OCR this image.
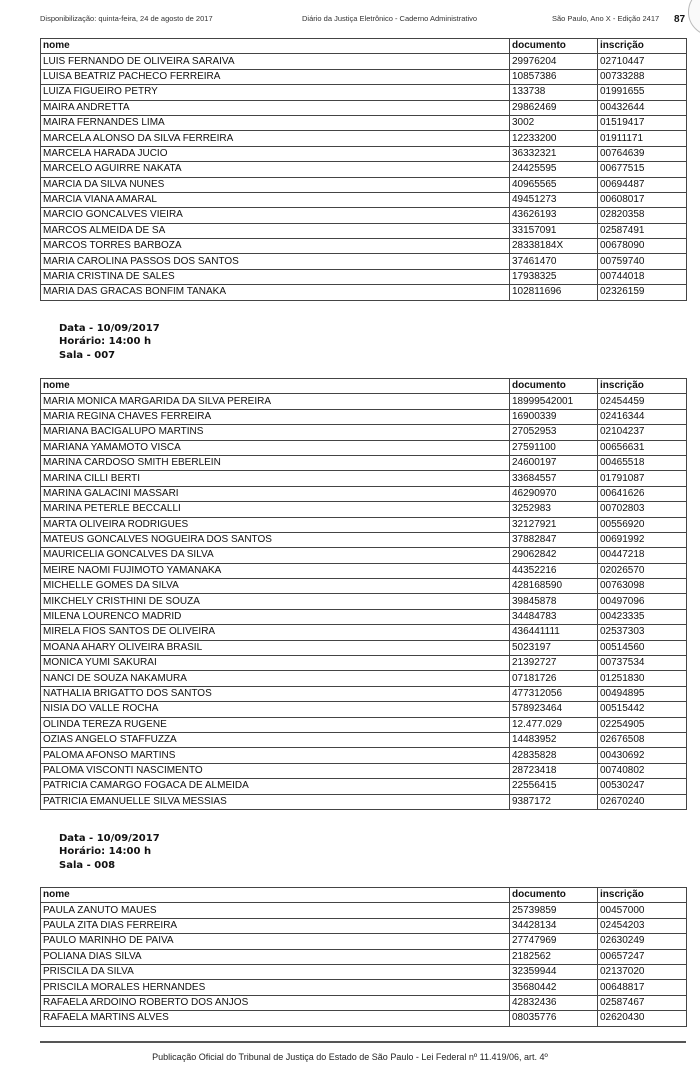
Disponibilização: quinta-feira, 24 de agosto de 2017	Diário da Justiça Eletrônico - Caderno Administrativo	São Paulo, Ano X - Edição 2417 87
nome	documento	inscrição
LUIS FERNANDO DE OLIVEIRA SARAIVA	29976204	02710447
LUISA BEATRIZ PACHECO FERREIRA	10857386	00733288
LUIZA FIGUEIRO PETRY	133738	01991655
MAIRA ANDRETTA	29862469	00432644
MAIRA FERNANDES LIMA	3002	01519417
MARCELA ALONSO DA SILVA FERREIRA	12233200	01911171
MARCELA HARADA JUCIO	36332321	00764639
MARCELO AGUIRRE NAKATA	24425595	00677515
MARCIA DA SILVA NUNES	40965565	00694487
MARCIA VIANA AMARAL	49451273	00608017
MARCIO GONCALVES VIEIRA	43626193	02820358
MARCOS ALMEIDA DE SA	33157091	02587491
MARCOS TORRES BARBOZA	28338184X	00678090
MARIA CAROLINA PASSOS DOS SANTOS	37461470	00759740
MARIA CRISTINA DE SALES	17938325	00744018
MARIA DAS GRACAS BONFIM TANAKA	102811696	02326159
Data - 10/09/2017
Horário: 14:00 h
Sala - 007
nome	documento	inscrição
MARIA MONICA MARGARIDA DA SILVA PEREIRA	18999542001	02454459
MARIA REGINA CHAVES FERREIRA	16900339	02416344
MARIANA BACIGALUPO MARTINS	27052953	02104237
MARIANA YAMAMOTO VISCA	27591100	00656631
MARINA CARDOSO SMITH EBERLEIN	24600197	00465518
MARINA CILLI BERTI	33684557	01791087
MARINA GALACINI MASSARI	46290970	00641626
MARINA PETERLE BECCALLI	3252983	00702803
MARTA OLIVEIRA RODRIGUES	32127921	00556920
MATEUS GONCALVES NOGUEIRA DOS SANTOS	37882847	00691992
MAURICELIA GONCALVES DA SILVA	29062842	00447218
MEIRE NAOMI FUJIMOTO YAMANAKA	44352216	02026570
MICHELLE GOMES DA SILVA	428168590	00763098
MIKCHELY CRISTHINI DE SOUZA	39845878	00497096
MILENA LOURENCO MADRID	34484783	00423335
MIRELA FIOS SANTOS DE OLIVEIRA	436441111	02537303
MOANA AHARY OLIVEIRA BRASIL	5023197	00514560
MONICA YUMI SAKURAI	21392727	00737534
NANCI DE SOUZA NAKAMURA	07181726	01251830
NATHALIA BRIGATTO DOS SANTOS	477312056	00494895
NISIA DO VALLE ROCHA	578923464	00515442
OLINDA TEREZA RUGENE	12.477.029	02254905
OZIAS ANGELO STAFFUZZA	14483952	02676508
PALOMA AFONSO MARTINS	42835828	00430692
PALOMA VISCONTI NASCIMENTO	28723418	00740802
PATRICIA CAMARGO FOGACA DE ALMEIDA	22556415	00530247
PATRICIA EMANUELLE SILVA MESSIAS	9387172	02670240
Data - 10/09/2017
Horário: 14:00 h
Sala - 008
nome	documento	inscrição
PAULA ZANUTO MAUES	25739859	00457000
PAULA ZITA DIAS FERREIRA	34428134	02454203
PAULO MARINHO DE PAIVA	27747969	02630249
POLIANA DIAS SILVA	2182562	00657247
PRISCILA DA SILVA	32359944	02137020
PRISCILA MORALES HERNANDES	35680442	00648817
RAFAELA ARDOINO ROBERTO DOS ANJOS	42832436	02587467
RAFAELA MARTINS ALVES	08035776	02620430
Publicação Oficial do Tribunal de Justiça do Estado de São Paulo - Lei Federal nº 11.419/06, art. 4º
